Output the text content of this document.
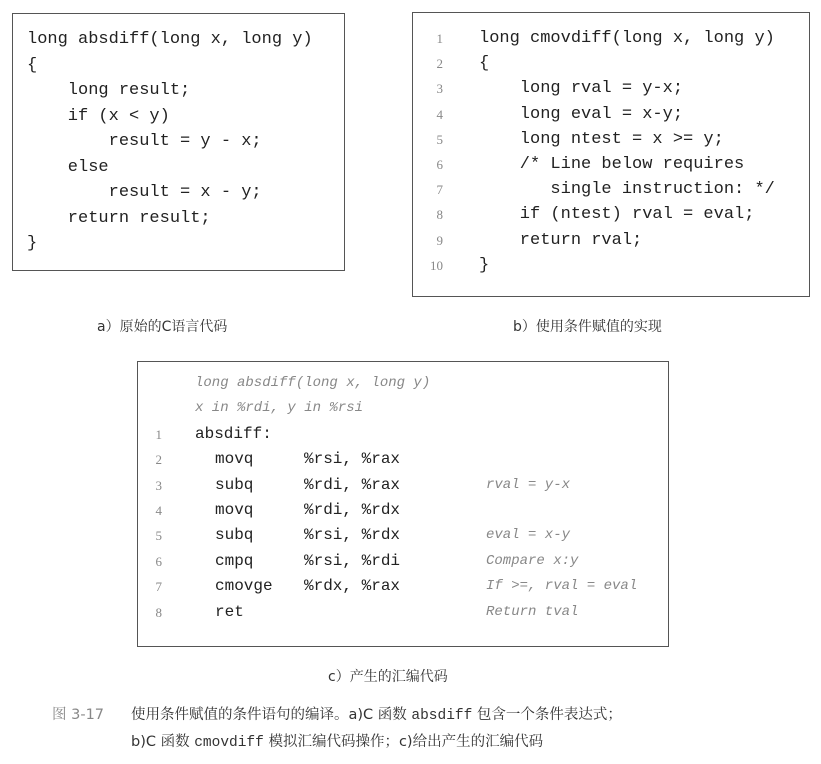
long absdiff(long x, long y)
{
long result;
if (x < y)
result = y - x;
else
result = x - y;
return result;
}
a）原始的C语言代码
1 long cmovdiff(long x, long y)
2 {
3 long rval = y-x;
4 long eval = x-y;
5 long ntest = x >= y;
6 /* Line below requires
7 single instruction: */
8 if (ntest) rval = eval;
9 return rval;
10 }
b）使用条件赋值的实现
long absdiff(long x, long y)
x in %rdi, y in %rsi
1 absdiff:
2	movq	%rsi, %rax
3	subq	%rdi, %rax	rval = y-x
4	movq	%rdi, %rdx
5	subq	%rsi, %rdx	eval = x-y
6	cmpq	%rsi, %rdi	Compare x:y
7	cmovge %rdx, %rax	If >=, rval = eval
8	ret	Return tval
c）产生的汇编代码
图 3-17 使用条件赋值的条件语句的编译。a)C 函数 absdiff 包含一个条件表达式；
b)C 函数 cmovdiff 模拟汇编代码操作；c)给出产生的汇编代码
